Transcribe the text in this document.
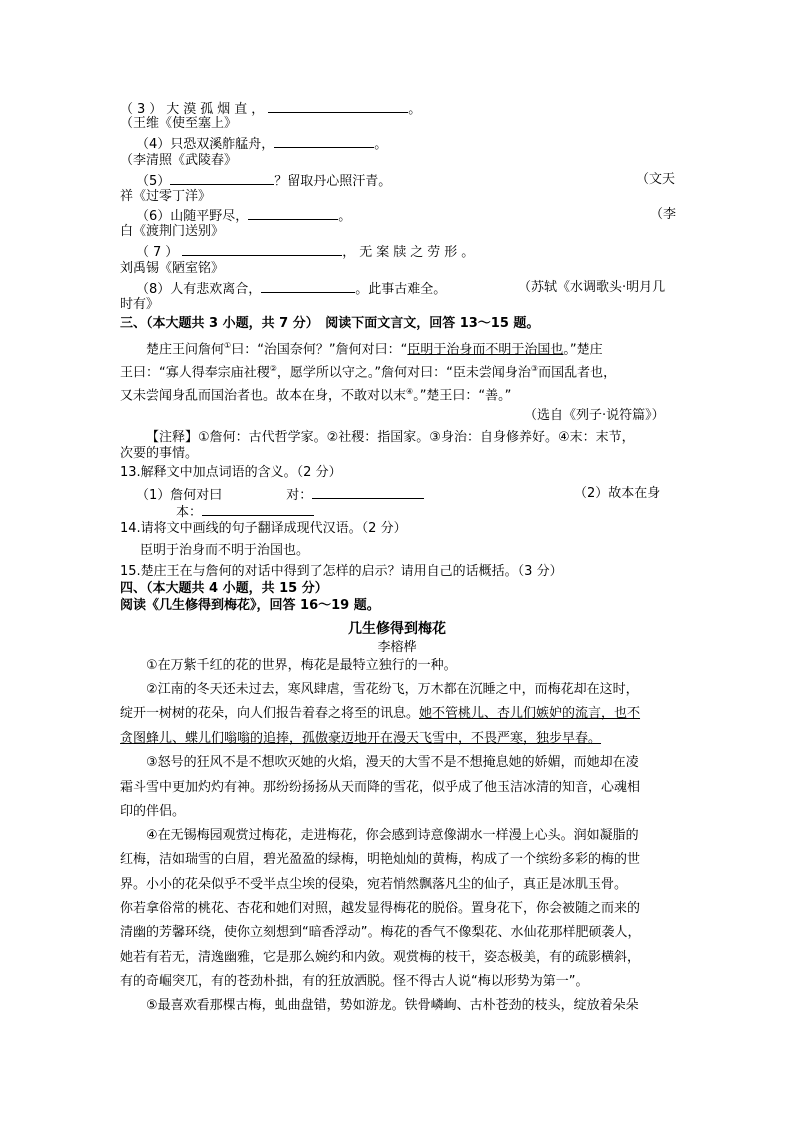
（3）大漠孤烟直，	。
（王维《使至塞上》
（4）只恐双溪舴艋舟，	。
（李清照《武陵春》
（5）	？留取丹心照汗青。	（文天
祥《过零丁洋》
（6）山随平野尽，	。	（李
白《渡荆门送别》
（7）	，无案牍之劳形。
刘禹锡《陋室铭》
（8）人有悲欢离合，	。此事古难全。	（苏轼《水调歌头·明月几
时有》
三、（本大题共 3 小题，共 7 分）　阅读下面文言文，回答 13～15 题。
楚庄王问詹何①曰：“治国奈何？”詹何对曰：“臣明于治身而不明于治国也。”楚庄
王曰：“寡人得奉宗庙社稷②，愿学所以守之。”詹何对曰：“臣未尝闻身治③而国乱者也，
又未尝闻身乱而国治者也。故本在身，不敢对以末④。”楚王曰：“善。”
（选自《列子·说符篇》）
【注释】①詹何：古代哲学家。②社稷：指国家。③身治：自身修养好。④末：末节，
次要的事情。
13.解释文中加点词语的含义。（2 分）
（1）詹何对曰	对：	（2）故本在身
本：
14.请将文中画线的句子翻译成现代汉语。（2 分）
臣明于治身而不明于治国也。
15.楚庄王在与詹何的对话中得到了怎样的启示？请用自己的话概括。（3 分）
四、（本大题共 4 小题，共 15 分）
阅读《几生修得到梅花》，回答 16～19 题。
几生修得到梅花
李榕桦
①在万紫千红的花的世界，梅花是最特立独行的一种。
②江南的冬天还未过去，寒风肆虐，雪花纷飞，万木都在沉睡之中，而梅花却在这时，
绽开一树树的花朵，向人们报告着春之将至的讯息。她不管桃儿、杏儿们嫉妒的流言，也不
贪图蜂儿、蝶儿们嗡嗡的追捧，孤傲豪迈地开在漫天飞雪中，不畏严寒，独步早春。
③怒号的狂风不是不想吹灭她的火焰，漫天的大雪不是不想掩息她的娇媚，而她却在凌
霜斗雪中更加灼灼有神。那纷纷扬扬从天而降的雪花，似乎成了他玉洁冰清的知音，心魂相
印的伴侣。
④在无锡梅园观赏过梅花，走进梅花，你会感到诗意像湖水一样漫上心头。润如凝脂的
红梅，洁如瑞雪的白眉，碧光盈盈的绿梅，明艳灿灿的黄梅，构成了一个缤纷多彩的梅的世
界。小小的花朵似乎不受半点尘埃的侵染，宛若悄然飘落凡尘的仙子，真正是冰肌玉骨。
你若拿俗常的桃花、杏花和她们对照，越发显得梅花的脱俗。置身花下，你会被随之而来的
清幽的芳馨环绕，使你立刻想到“暗香浮动”。梅花的香气不像梨花、水仙花那样肥硕袭人，
她若有若无，清逸幽雅，它是那么婉约和内敛。观赏梅的枝干，姿态极美，有的疏影横斜，
有的奇崛突兀，有的苍劲朴拙，有的狂放洒脱。怪不得古人说“梅以形势为第一”。
⑤最喜欢看那棵古梅，虬曲盘错，势如游龙。铁骨嶙峋、古朴苍劲的枝头，绽放着朵朵
